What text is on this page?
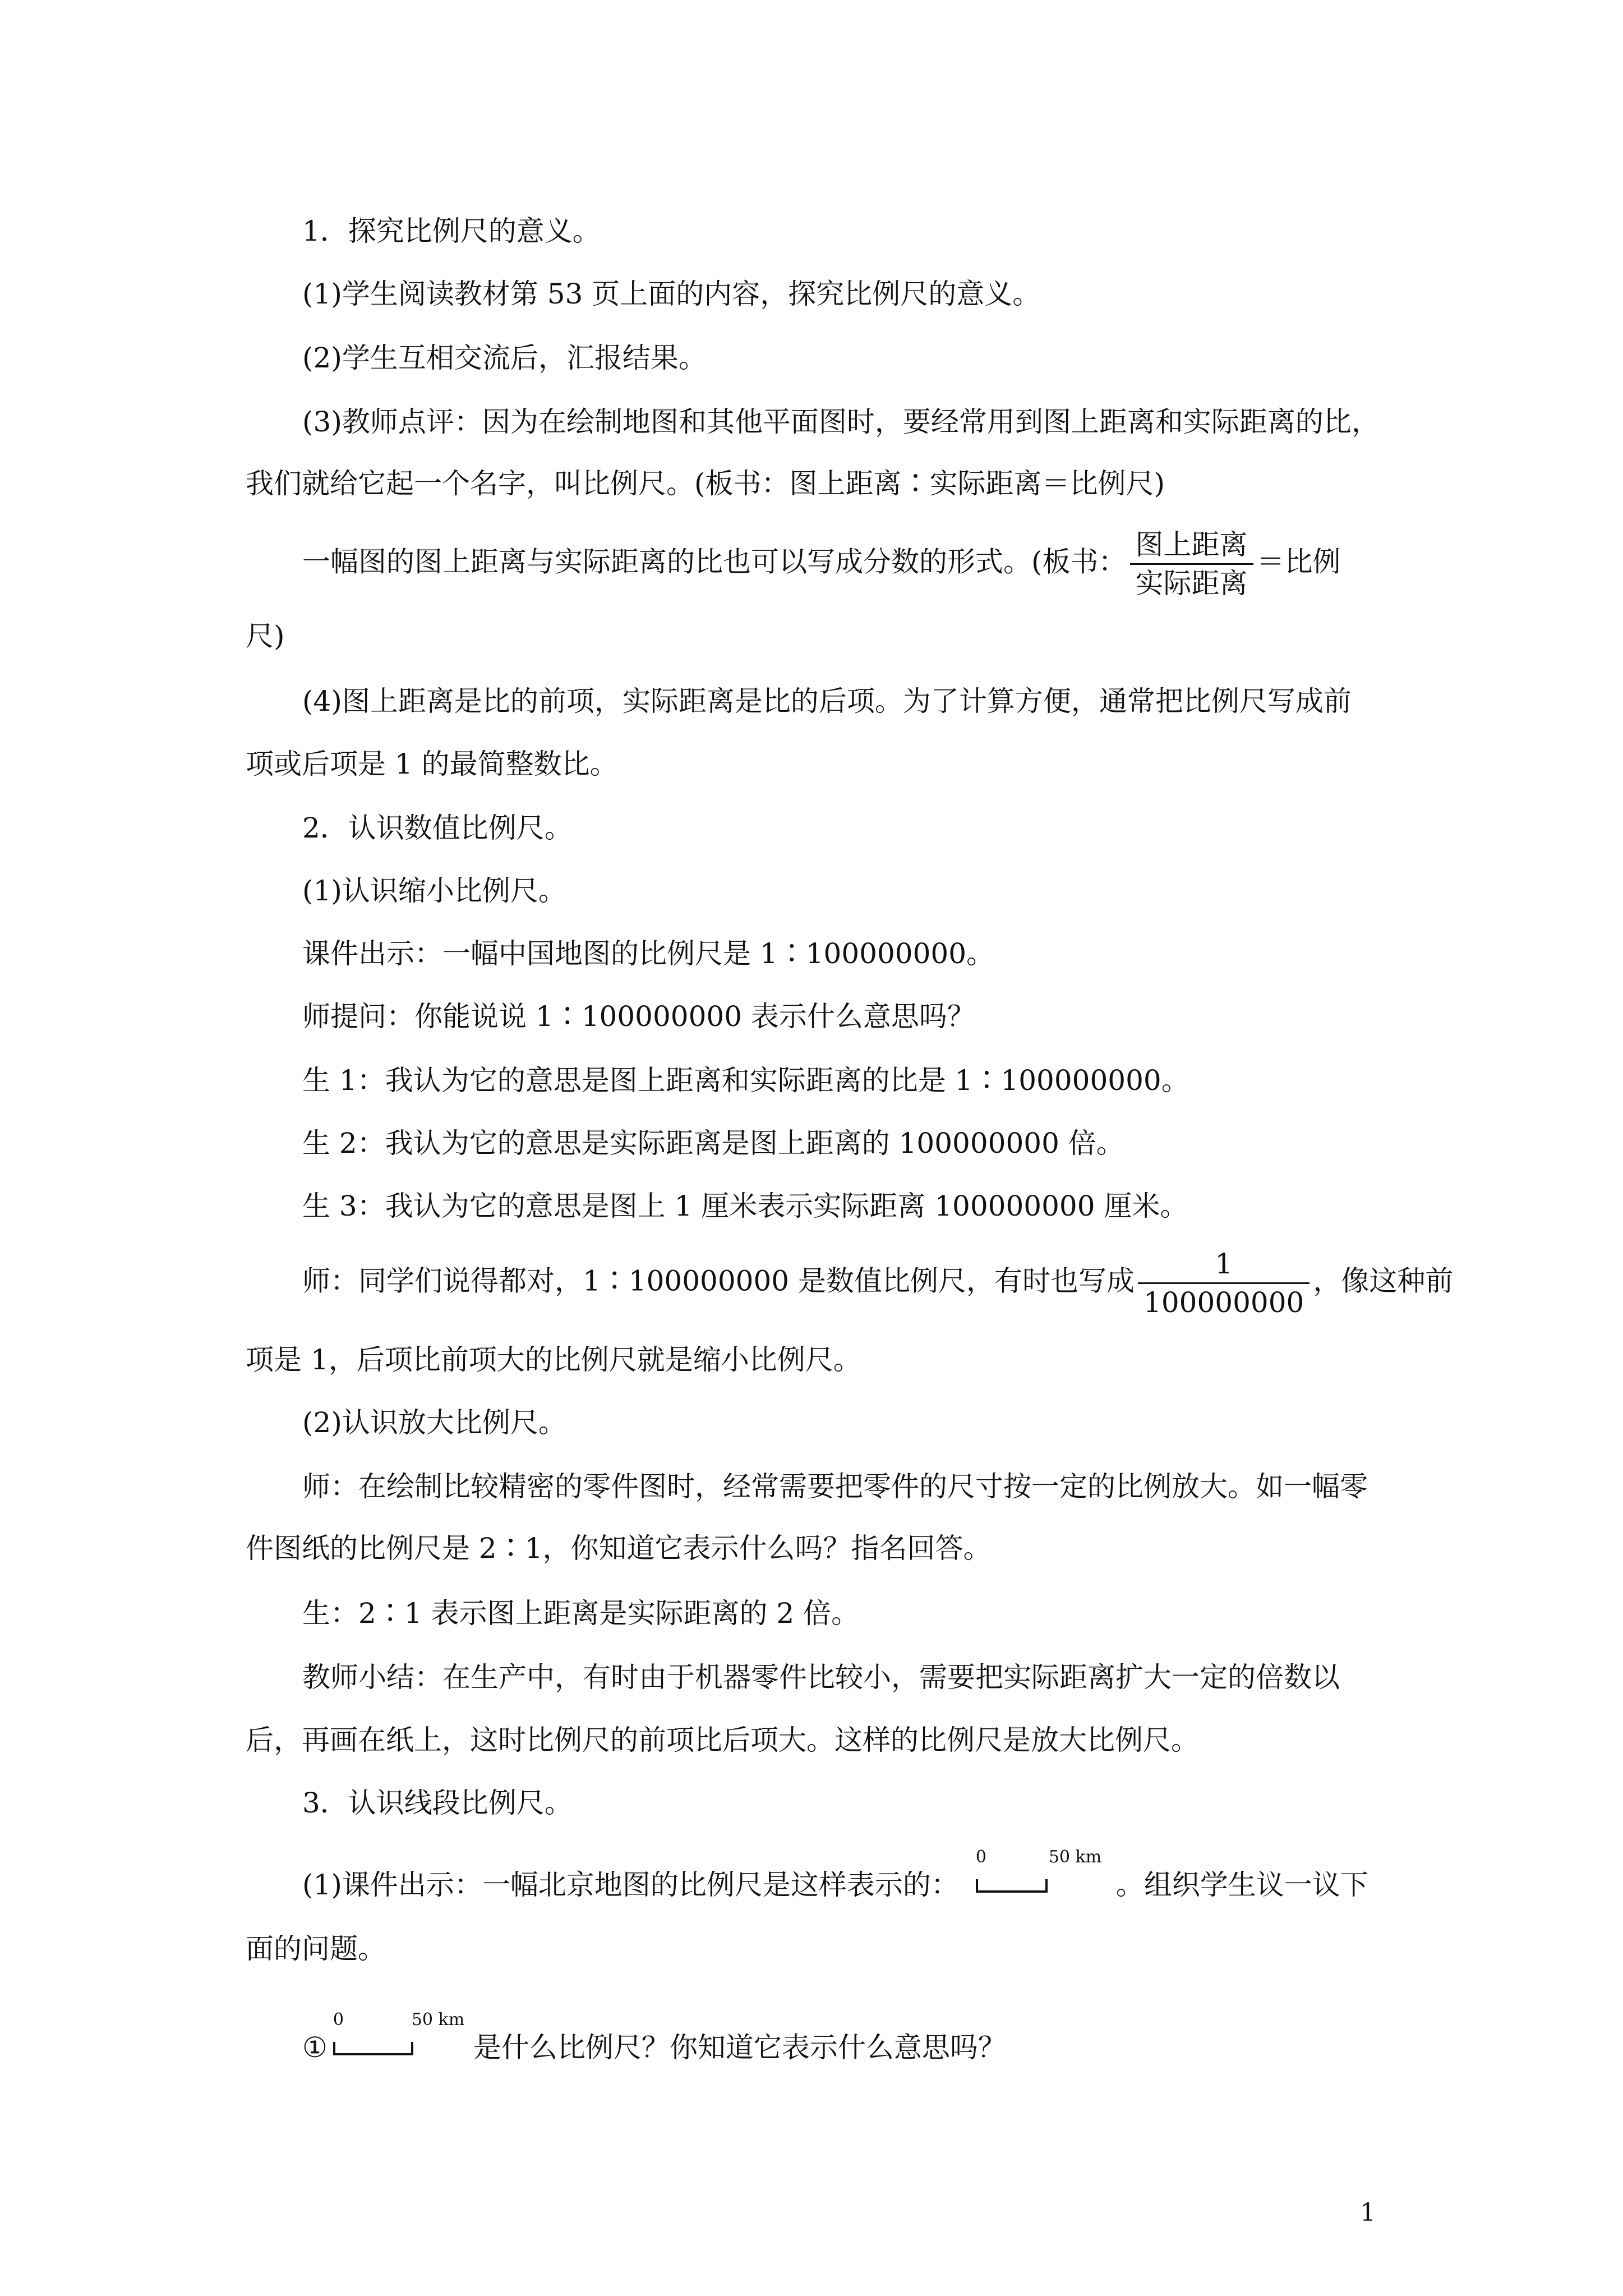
1．探究比例尺的意义。
(1)学生阅读教材第 53 页上面的内容，探究比例尺的意义。
(2)学生互相交流后，汇报结果。
(3)教师点评：因为在绘制地图和其他平面图时，要经常用到图上距离和实际距离的比，
我们就给它起一个名字，叫比例尺。(板书：图上距离∶实际距离＝比例尺)
一幅图的图上距离与实际距离的比也可以写成分数的形式。(板书： $\frac{\text{图上距离}}{\text{实际距离}}$ ＝比例
尺)
(4)图上距离是比的前项，实际距离是比的后项。为了计算方便，通常把比例尺写成前
项或后项是 1 的最简整数比。
2．认识数值比例尺。
(1)认识缩小比例尺。
课件出示：一幅中国地图的比例尺是 1∶100000000。
师提问：你能说说 1∶100000000 表示什么意思吗？
生 1：我认为它的意思是图上距离和实际距离的比是 1∶100000000。
生 2：我认为它的意思是实际距离是图上距离的 100000000 倍。
生 3：我认为它的意思是图上 1 厘米表示实际距离 100000000 厘米。
师：同学们说得都对，1∶100000000 是数值比例尺，有时也写成 $\frac{1}{100000000}$ ，像这种前
项是 1，后项比前项大的比例尺就是缩小比例尺。
(2)认识放大比例尺。
师：在绘制比较精密的零件图时，经常需要把零件的尺寸按一定的比例放大。如一幅零
件图纸的比例尺是 2∶1，你知道它表示什么吗？指名回答。
生：2∶1 表示图上距离是实际距离的 2 倍。
教师小结：在生产中，有时由于机器零件比较小，需要把实际距离扩大一定的倍数以
后，再画在纸上，这时比例尺的前项比后项大。这样的比例尺是放大比例尺。
3．认识线段比例尺。
(1)课件出示：一幅北京地图的比例尺是这样表示的：
0	50 km
。组织学生议一议下
面的问题。
①
0	50 km
是什么比例尺？你知道它表示什么意思吗？
1
